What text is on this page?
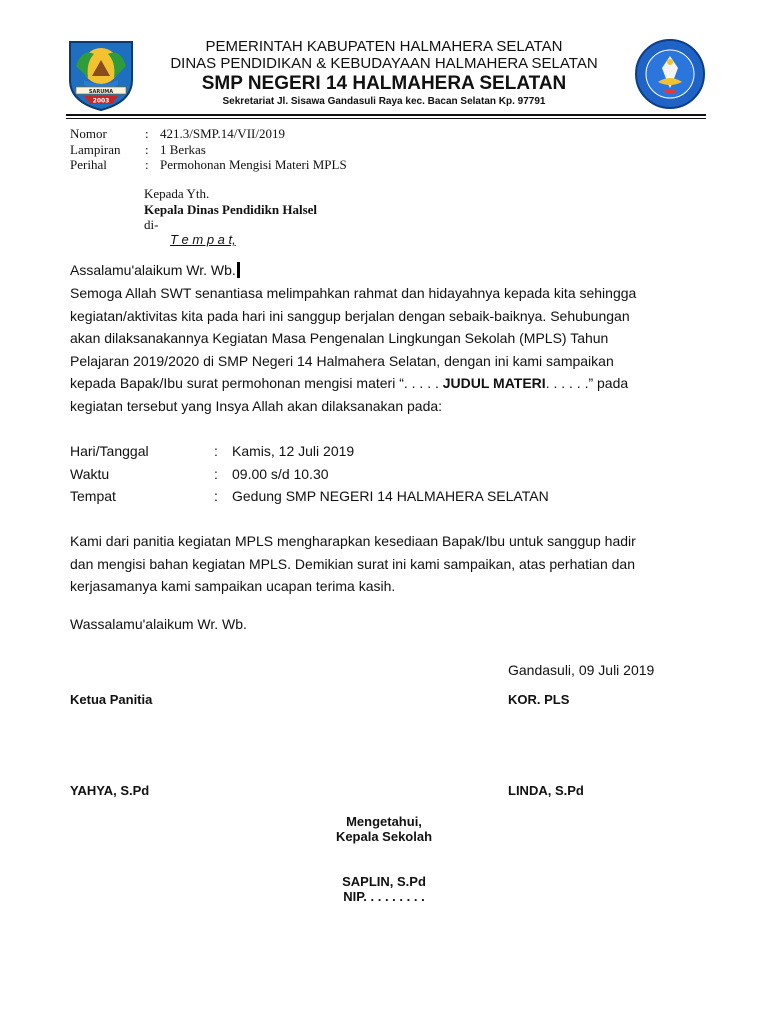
SARUMA
2003
PEMERINTAH KABUPATEN HALMAHERA SELATAN
DINAS PENDIDIKAN & KEBUDAYAAN HALMAHERA SELATAN
SMP NEGERI 14 HALMAHERA SELATAN
Sekretariat Jl. Sisawa Gandasuli Raya kec. Bacan Selatan Kp. 97791
Nomor	: 421.3/SMP.14/VII/2019
Lampiran : 1 Berkas
Perihal	: Permohonan Mengisi Materi MPLS
Kepada Yth.
Kepala Dinas Pendidikn Halsel
di-
T e m p a t,
Assalamu'alaikum Wr. Wb.
Semoga Allah SWT senantiasa melimpahkan rahmat dan hidayahnya kepada kita sehingga
kegiatan/aktivitas kita pada hari ini sanggup berjalan dengan sebaik-baiknya. Sehubungan
akan dilaksanakannya Kegiatan Masa Pengenalan Lingkungan Sekolah (MPLS) Tahun
Pelajaran 2019/2020 di SMP Negeri 14 Halmahera Selatan, dengan ini kami sampaikan
kepada Bapak/Ibu surat permohonan mengisi materi “. . . . . JUDUL MATERI. . . . . .” pada
kegiatan tersebut yang Insya Allah akan dilaksanakan pada:
Hari/Tanggal	: Kamis, 12 Juli 2019
Waktu	: 09.00 s/d 10.30
Tempat	: Gedung SMP NEGERI 14 HALMAHERA SELATAN
Kami dari panitia kegiatan MPLS mengharapkan kesediaan Bapak/Ibu untuk sanggup hadir
dan mengisi bahan kegiatan MPLS. Demikian surat ini kami sampaikan, atas perhatian dan
kerjasamanya kami sampaikan ucapan terima kasih.
Wassalamu'alaikum Wr. Wb.
Gandasuli, 09 Juli 2019
Ketua Panitia	KOR. PLS
YAHYA, S.Pd	LINDA, S.Pd
Mengetahui,
Kepala Sekolah
SAPLIN, S.Pd
NIP. . . . . . . . .
